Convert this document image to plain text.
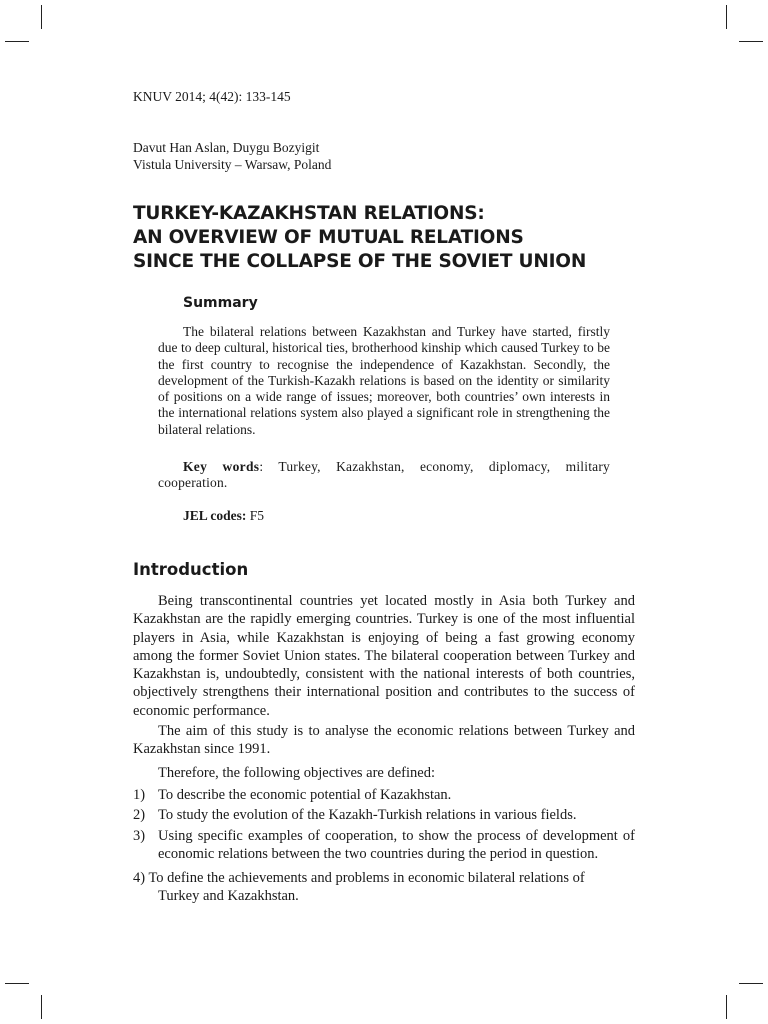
KNUV 2014; 4(42): 133-145
Davut Han Aslan, Duygu Bozyigit
Vistula University – Warsaw, Poland
TURKEY-KAZAKHSTAN RELATIONS:
AN OVERVIEW OF MUTUAL RELATIONS
SINCE THE COLLAPSE OF THE SOVIET UNION
Summary

The bilateral relations between Kazakhstan and Turkey have started, firstly due to deep cultural, historical ties, brotherhood kinship which caused Turkey to be the first country to recognise the independence of Kazakhstan. Secondly, the development of the Turkish-Kazakh relations is based on the identity or similarity of positions on a wide range of issues; moreover, both countries’ own interests in the international relations system also played a significant role in strengthening the bilateral relations.

Key words: Turkey, Kazakhstan, economy, diplomacy, military cooperation.

JEL codes: F5
Introduction

Being transcontinental countries yet located mostly in Asia both Turkey and Kazakhstan are the rapidly emerging countries. Turkey is one of the most influential players in Asia, while Kazakhstan is enjoying of being a fast growing economy among the former Soviet Union states. The bilateral cooperation between Turkey and Kazakhstan is, undoubtedly, consistent with the national interests of both countries, objectively strengthens their international position and contributes to the success of economic performance.

The aim of this study is to analyse the economic relations between Turkey and Kazakhstan since 1991.

Therefore, the following objectives are defined:

1) To describe the economic potential of Kazakhstan.
2) To study the evolution of the Kazakh-Turkish relations in various fields.
3) Using specific examples of cooperation, to show the process of development of economic relations between the two countries during the period in question.

4) To define the achievements and problems in economic bilateral relations of
Turkey and Kazakhstan.
